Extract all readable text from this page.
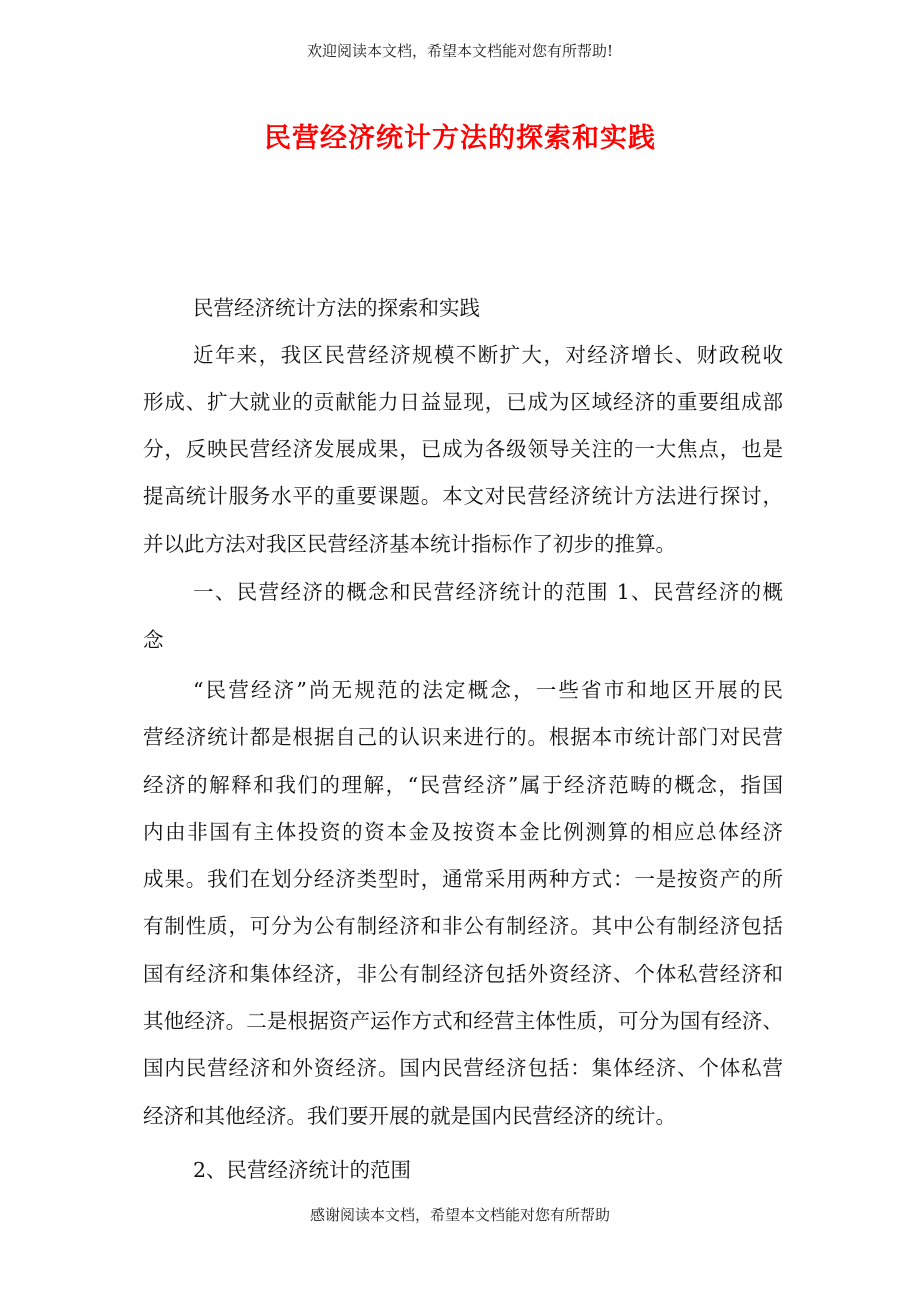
欢迎阅读本文档，希望本文档能对您有所帮助!
民营经济统计方法的探索和实践
民营经济统计方法的探索和实践
近年来，我区民营经济规模不断扩大，对经济增长、财政税收
形成、扩大就业的贡献能力日益显现，已成为区域经济的重要组成部
分，反映民营经济发展成果，已成为各级领导关注的一大焦点，也是
提高统计服务水平的重要课题。本文对民营经济统计方法进行探讨，
并以此方法对我区民营经济基本统计指标作了初步的推算。
一、民营经济的概念和民营经济统计的范围 1、民营经济的概
念
“民营经济”尚无规范的法定概念，一些省市和地区开展的民
营经济统计都是根据自己的认识来进行的。根据本市统计部门对民营
经济的解释和我们的理解，“民营经济”属于经济范畴的概念，指国
内由非国有主体投资的资本金及按资本金比例测算的相应总体经济
成果。我们在划分经济类型时，通常采用两种方式：一是按资产的所
有制性质，可分为公有制经济和非公有制经济。其中公有制经济包括
国有经济和集体经济，非公有制经济包括外资经济、个体私营经济和
其他经济。二是根据资产运作方式和经营主体性质，可分为国有经济、
国内民营经济和外资经济。国内民营经济包括：集体经济、个体私营
经济和其他经济。我们要开展的就是国内民营经济的统计。
2、民营经济统计的范围
感谢阅读本文档，希望本文档能对您有所帮助
